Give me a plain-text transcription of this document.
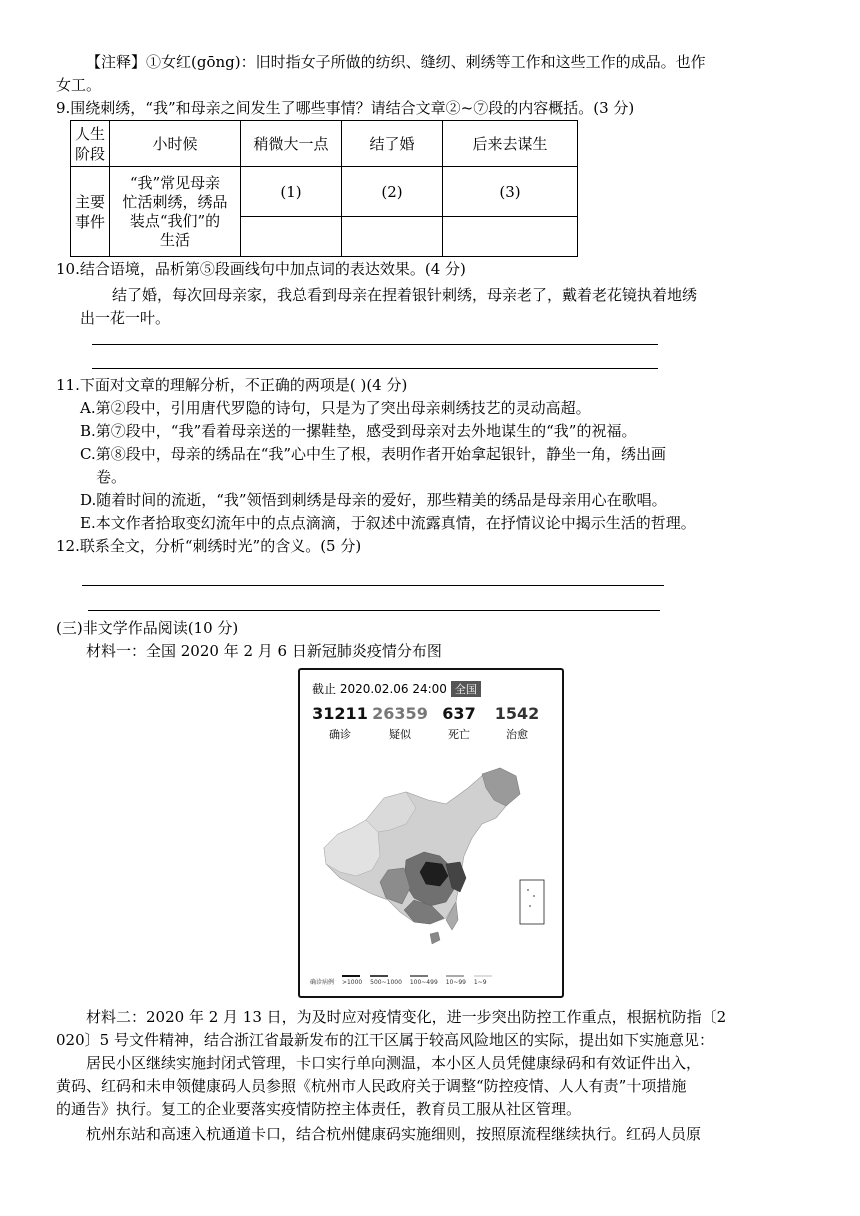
【注释】①女红(gōng)：旧时指女子所做的纺织、缝纫、刺绣等工作和这些工作的成品。也作
女工。
9.围绕刺绣，“我”和母亲之间发生了哪些事情？请结合文章②~⑦段的内容概括。(3 分)
人生
阶段	小时候	稍微大一点	结了婚	后来去谋生
主要
事件	“我”常见母亲
忙活刺绣，绣品
装点“我们”的
生活	(1)	(2)	(3)

10.结合语境，品析第⑤段画线句中加点词的表达效果。(4 分)
结了婚，每次回母亲家，我总看到母亲在捏着银针刺绣，母亲老了，戴着老花镜执着地绣
出一花一叶。
11.下面对文章的理解分析，不正确的两项是( )(4 分)
A.第②段中，引用唐代罗隐的诗句，只是为了突出母亲刺绣技艺的灵动高超。
B.第⑦段中，“我”看着母亲送的一摞鞋垫，感受到母亲对去外地谋生的“我”的祝福。
C.第⑧段中，母亲的绣品在“我”心中生了根，表明作者开始拿起银针，静坐一角，绣出画
卷。
D.随着时间的流逝，“我”领悟到刺绣是母亲的爱好，那些精美的绣品是母亲用心在歌唱。
E.本文作者拾取变幻流年中的点点滴滴，于叙述中流露真情，在抒情议论中揭示生活的哲理。
12.联系全文，分析“刺绣时光”的含义。(5 分)
(三)非文学作品阅读(10 分)
材料一：全国 2020 年 2 月 6 日新冠肺炎疫情分布图
截止 2020.02.06 24:00 全国
31211
确诊
26359
疑似
637
死亡
1542
治愈
确诊病例 >1000 500~1000 100~499 10~99 1~9
材料二：2020 年 2 月 13 日，为及时应对疫情变化，进一步突出防控工作重点，根据杭防指〔2
020〕5 号文件精神，结合浙江省最新发布的江干区属于较高风险地区的实际，提出如下实施意见：
居民小区继续实施封闭式管理，卡口实行单向测温，本小区人员凭健康绿码和有效证件出入，
黄码、红码和未申领健康码人员参照《杭州市人民政府关于调整“防控疫情、人人有责”十项措施
的通告》执行。复工的企业要落实疫情防控主体责任，教育员工服从社区管理。
杭州东站和高速入杭通道卡口，结合杭州健康码实施细则，按照原流程继续执行。红码人员原
